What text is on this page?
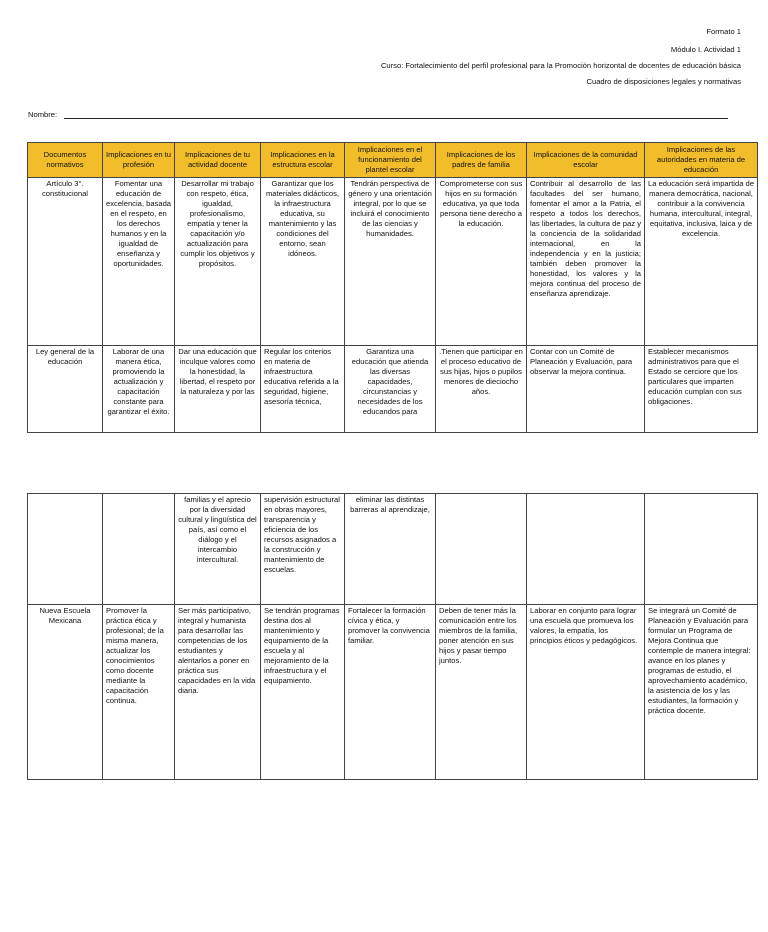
Formato 1
Módulo I. Actividad 1
Curso: Fortalecimiento del perfil profesional para la Promoción horizontal de docentes de educación básica
Cuadro de disposiciones legales y normativas
Nombre:
Documentos normativos	Implicaciones en tu profesión	Implicaciones de tu actividad docente	Implicaciones en la estructura escolar	Implicaciones en el funcionamiento del plantel escolar	Implicaciones de los padres de familia	Implicaciones de la comunidad escolar	Implicaciones de las autoridades en materia de educación
Artículo 3°. constitucional	Fomentar una educación de excelencia, basada en el respeto, en los derechos humanos y en la igualdad de enseñanza y oportunidades.	Desarrollar mi trabajo con respeto, ética, igualdad, profesionalismo, empatía y tener la capacitación y/o actualización para cumplir los objetivos y propósitos.	Garantizar que los materiales didácticos, la infraestructura educativa, su mantenimiento y las condiciones del entorno, sean idóneos.	Tendrán perspectiva de género y una orientación integral, por lo que se incluirá el conocimiento de las ciencias y humanidades.	Comprometerse con sus hijos en su formación educativa, ya que toda persona tiene derecho a la educación.	Contribuir al desarrollo de las facultades del ser humano, fomentar el amor a la Patria, el respeto a todos los derechos, las libertades, la cultura de paz y la conciencia de la solidaridad internacional, en la independencia y en la justicia; también deben promover la honestidad, los valores y la mejora continua del proceso de enseñanza aprendizaje.	La educación será impartida de manera democrática, nacional, contribuir a la convivencia humana, intercultural, integral, equitativa, inclusiva, laica y de excelencia.
Ley general de la educación	Laborar de una manera ética, promoviendo la actualización y capacitación constante para garantizar el éxito.	Dar una educación que inculque valores como la honestidad, la libertad, el respeto por la naturaleza y por las	Regular los criterios en materia de infraestructura educativa referida a la seguridad, higiene, asesoría técnica,	Garantiza una educación que atienda las diversas capacidades, circunstancias y necesidades de los educandos para	.Tienen que participar en el proceso educativo de sus hijas, hijos o pupilos menores de dieciocho años.	Contar con un Comité de Planeación y Evaluación, para observar la mejora continua.	Establecer mecanismos administrativos para que el Estado se cerciore que los particulares que imparten educación cumplan con sus obligaciones.
		familias y el aprecio por la diversidad cultural y lingüística del país, así como el diálogo y el intercambio intercultural.	supervisión estructural en obras mayores, transparencia y eficiencia de los recursos asignados a la construcción y mantenimiento de escuelas.	eliminar las distintas barreras al aprendizaje,			
Nueva Escuela Mexicana	Promover la práctica ética y profesional; de la misma manera, actualizar los conocimientos como docente mediante la capacitación continua.	Ser más participativo, integral y humanista para desarrollar las competencias de los estudiantes y alentarlos a poner en práctica sus capacidades en la vida diaria.	Se tendrán programas destina dos al mantenimiento y equipamiento de la escuela y al mejoramiento de la infraestructura y el equipamiento.	Fortalecer la formación cívica y ética, y promover la convivencia familiar.	Deben de tener más la comunicación entre los miembros de la familia, poner atención en sus hijos y pasar tiempo juntos.	Laborar en conjunto para lograr una escuela que promueva los valores, la empatía, los principios éticos y pedagógicos.	Se integrará un Comité de Planeación y Evaluación para formular un Programa de Mejora Continua que contemple de manera integral: avance en los planes y programas de estudio, el aprovechamiento académico, la asistencia de los y las estudiantes, la formación y práctica docente.
